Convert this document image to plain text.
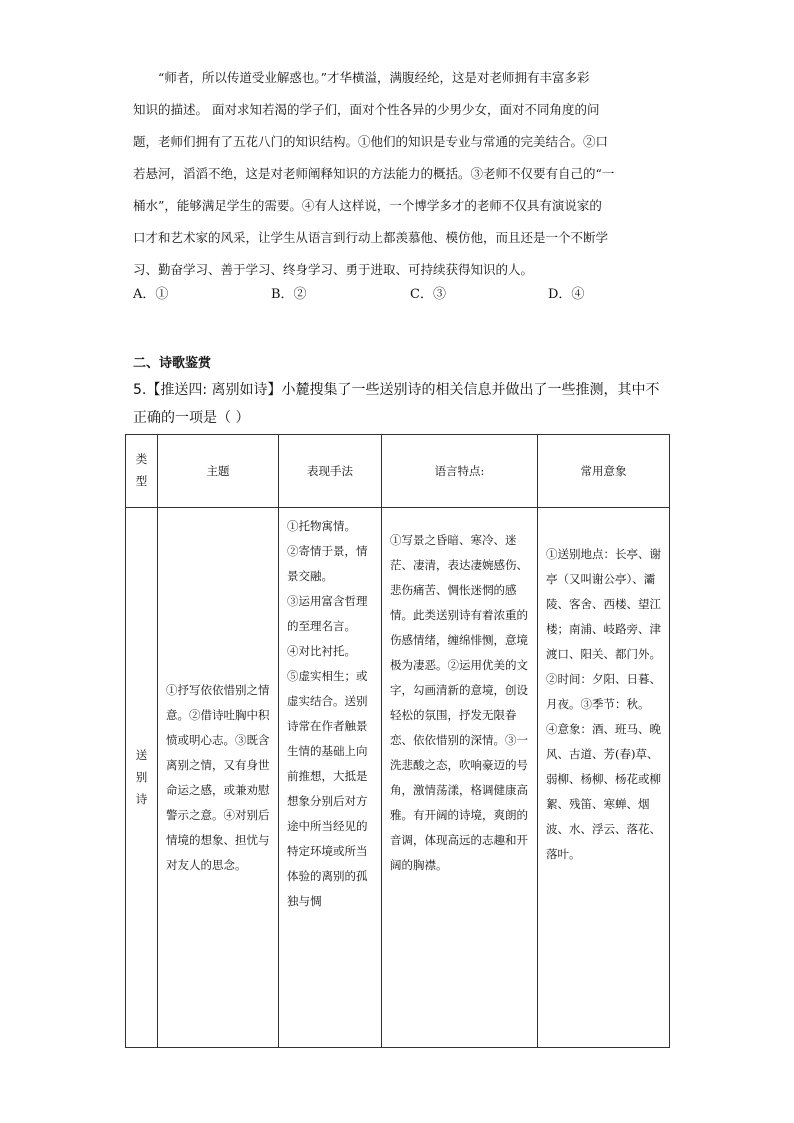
“师者，所以传道受业解惑也。”才华横溢，满腹经纶，这是对老师拥有丰富多彩

知识的描述。 面对求知若渴的学子们，面对个性各异的少男少女，面对不同角度的问

题，老师们拥有了五花八门的知识结构。①他们的知识是专业与常通的完美结合。②口

若悬河，滔滔不绝，这是对老师阐释知识的方法能力的概括。③老师不仅要有自己的“一

桶水”，能够满足学生的需要。④有人这样说，一个博学多才的老师不仅具有演说家的

口才和艺术家的风采，让学生从语言到行动上都羡慕他、模仿他，而且还是一个不断学

习、勤奋学习、善于学习、终身学习、勇于进取、可持续获得知识的人。

A．①	B．②	C．③	D．④
二、诗歌鉴赏
5.【推送四: 离别如诗】小麓搜集了一些送别诗的相关信息并做出了一些推测，其中不正确的一项是（ ）
类型	主题	表现手法	语言特点:	常用意象
送别诗	①抒写依依惜别之情意。②借诗吐胸中积愤或明心志。③既含离别之情，又有身世命运之感，或兼劝慰警示之意。④对别后情境的想象、担忧与对友人的思念。	①托物寓情。
②寄情于景，情景交融。
③运用富含哲理的至理名言。
④对比衬托。
⑤虚实相生；或虚实结合。送别诗常在作者触景生情的基础上向前推想，大抵是想象分别后对方途中所当经见的特定环境或所当体验的离别的孤独与惆	①写景之昏暗、寒冷、迷茫、凄清，表达凄婉感伤、悲伤痛苦、惆怅迷惘的感情。此类送别诗有着浓重的伤感情绪，缠绵悱恻，意境极为凄恶。②运用优美的文字，勾画清新的意境，创设轻松的氛围，抒发无限眷恋、依依惜别的深情。③一洗悲酸之态，吹响豪迈的号角，激情荡漾，格调健康高雅。有开阔的诗境，爽朗的音调，体现高远的志趣和开阔的胸襟。	①送别地点：长亭、谢亭（又叫谢公亭）、灞陵、客舍、西楼、望江楼；南浦、岐路旁、津渡口、阳关、都门外。②时间：夕阳、日暮、月夜。③季节：秋。
④意象：酒、班马、晚风、古道、芳(春)草、弱柳、杨柳、杨花或柳絮、残笛、寒蝉、烟波、水、浮云、落花、落叶。
